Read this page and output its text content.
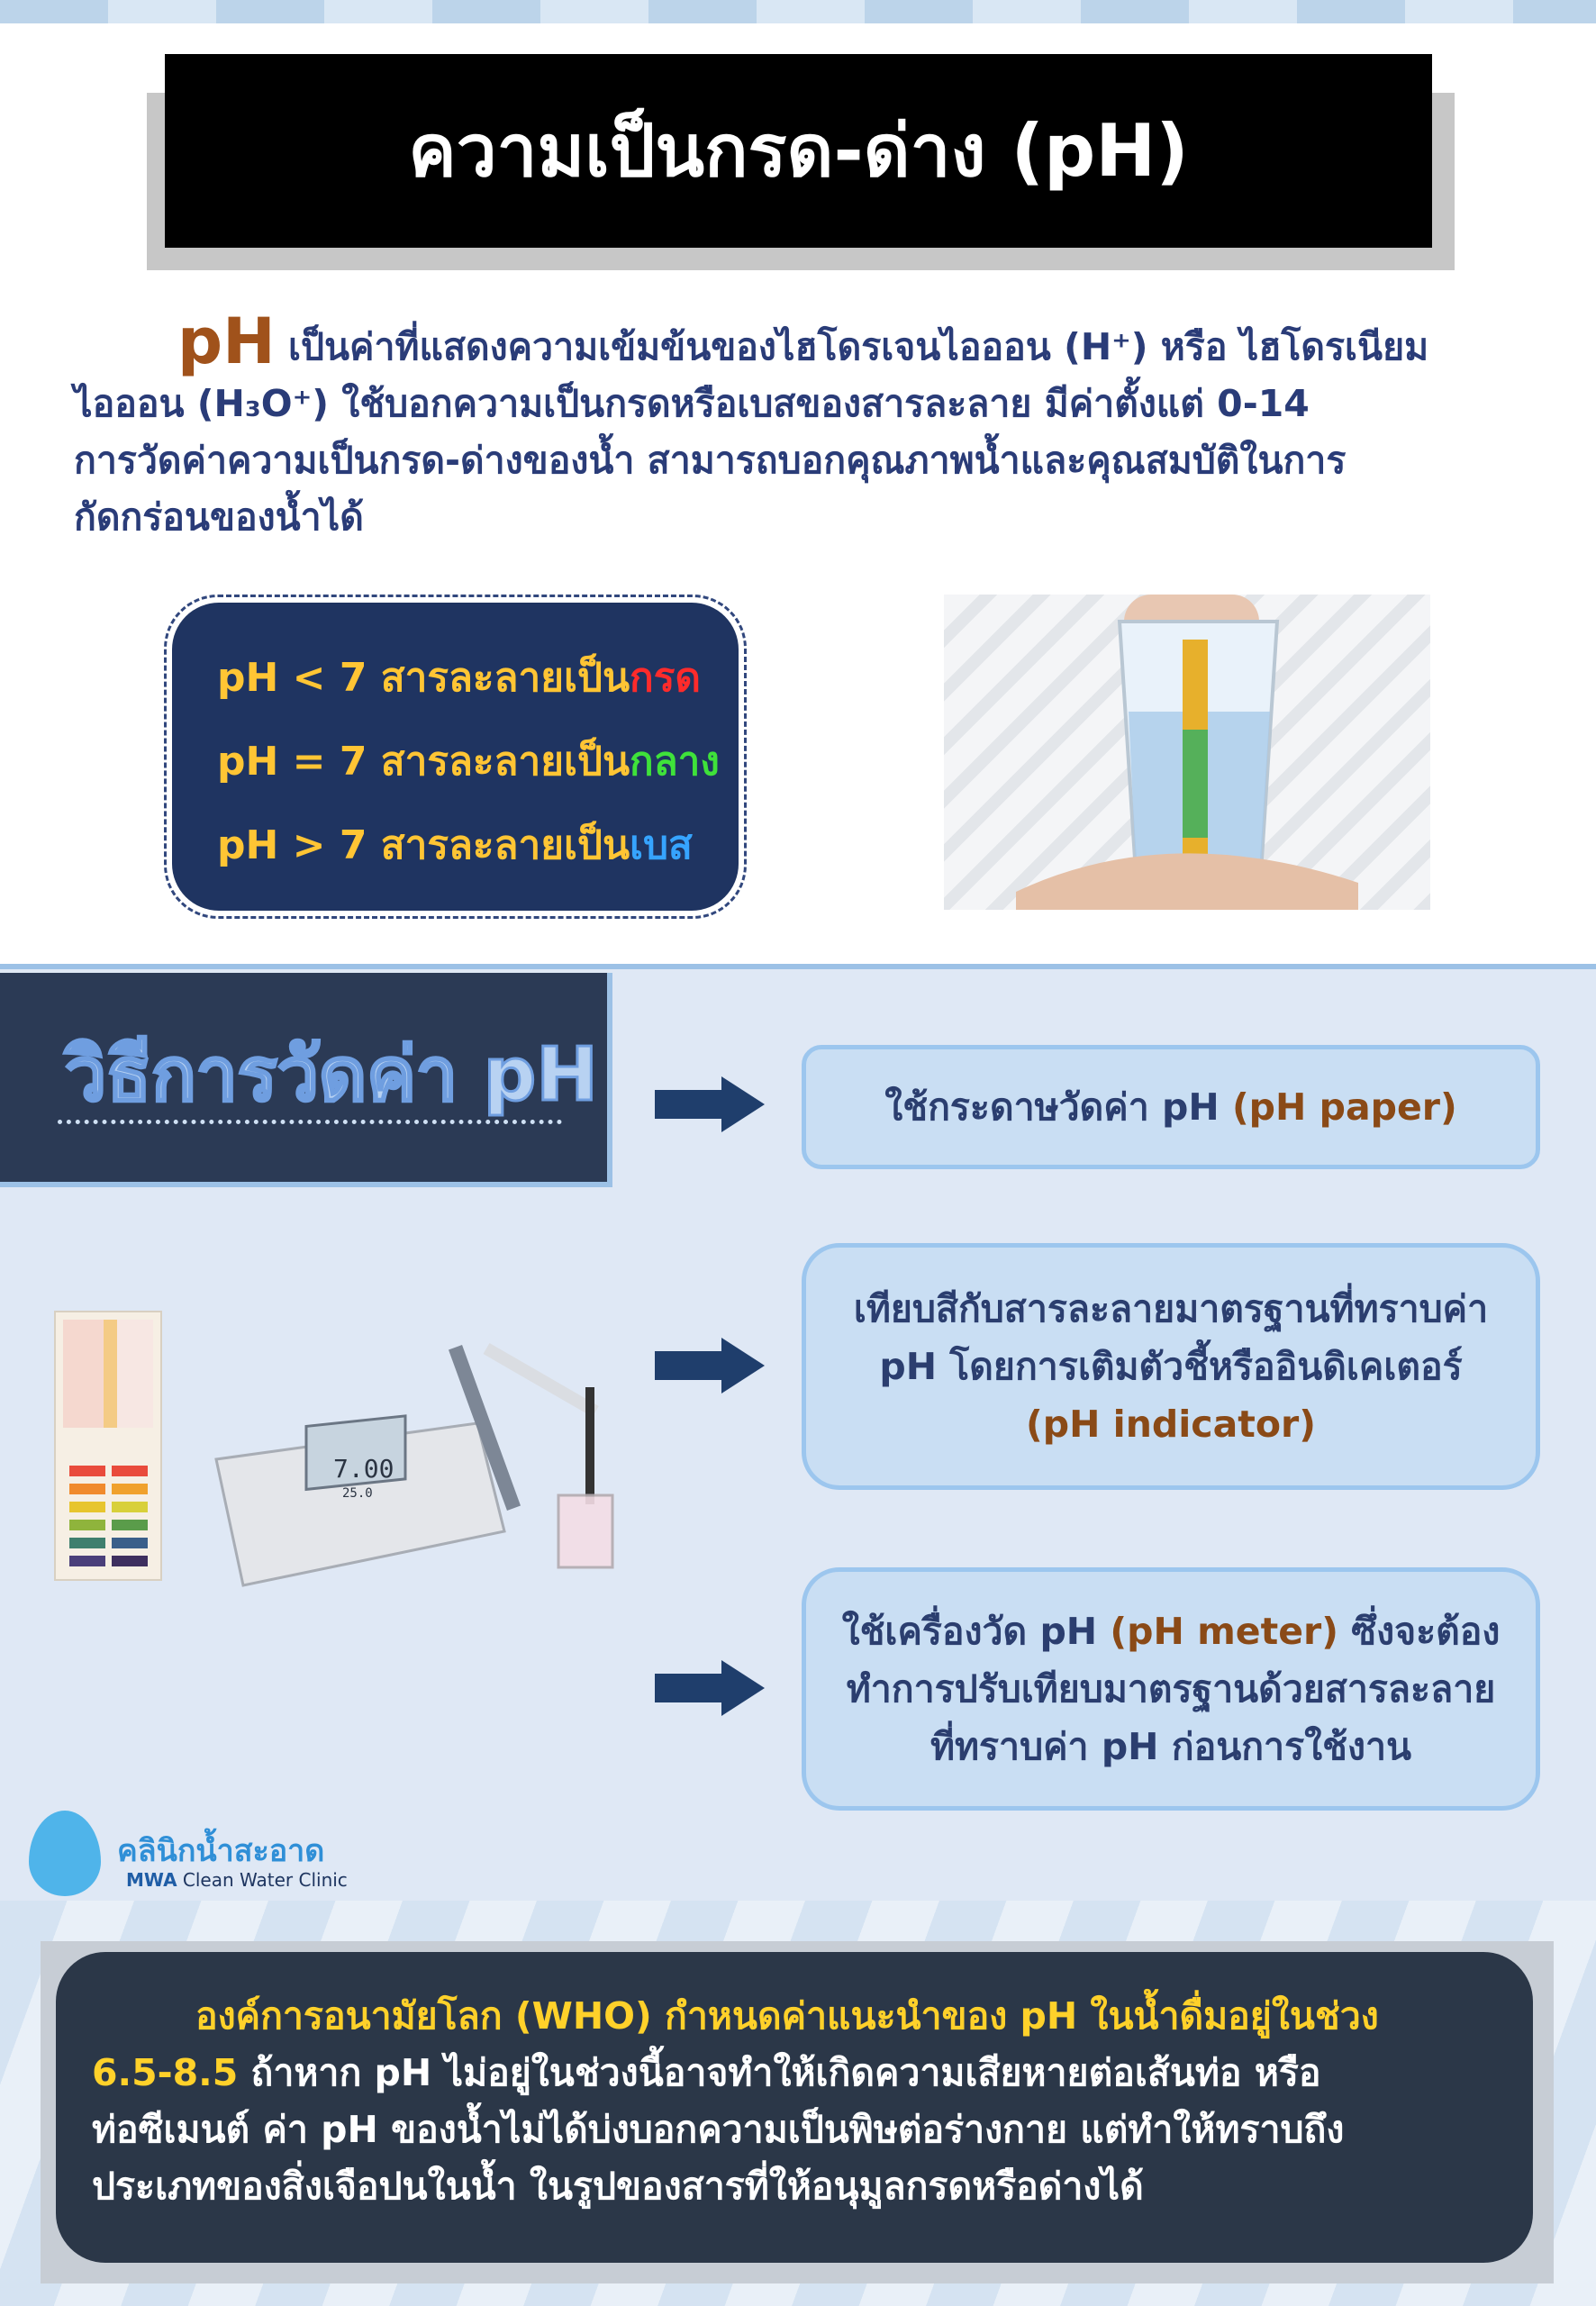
ความเป็นกรด-ด่าง (pH)
pH เป็นค่าที่แสดงความเข้มข้นของไฮโดรเจนไอออน (H⁺) หรือ ไฮโดรเนียม
ไอออน (H₃O⁺) ใช้บอกความเป็นกรดหรือเบสของสารละลาย มีค่าตั้งแต่ 0-14
การวัดค่าความเป็นกรด-ด่างของน้ำ สามารถบอกคุณภาพน้ำและคุณสมบัติในการ
กัดกร่อนของน้ำได้
pH < 7 สารละลายเป็นกรด
pH = 7 สารละลายเป็นกลาง
pH > 7 สารละลายเป็นเบส
วิธีการวัดค่า pH	ใช้กระดาษวัดค่า pH (pH paper)
เทียบสีกับสารละลายมาตรฐานที่ทราบค่า
pH โดยการเติมตัวชี้หรืออินดิเคเตอร์
(pH indicator)
ใช้เครื่องวัด pH (pH meter) ซึ่งจะต้อง
ทำการปรับเทียบมาตรฐานด้วยสารละลาย
ที่ทราบค่า pH ก่อนการใช้งาน
7.00
25.0
คลินิกน้ำสะอาด
MWA Clean Water Clinic
องค์การอนามัยโลก (WHO) กำหนดค่าแนะนำของ pH ในน้ำดื่มอยู่ในช่วง
6.5-8.5 ถ้าหาก pH ไม่อยู่ในช่วงนี้อาจทำให้เกิดความเสียหายต่อเส้นท่อ หรือ
ท่อซีเมนต์ ค่า pH ของน้ำไม่ได้บ่งบอกความเป็นพิษต่อร่างกาย แต่ทำให้ทราบถึง
ประเภทของสิ่งเจือปนในน้ำ ในรูปของสารที่ให้อนุมูลกรดหรือด่างได้
